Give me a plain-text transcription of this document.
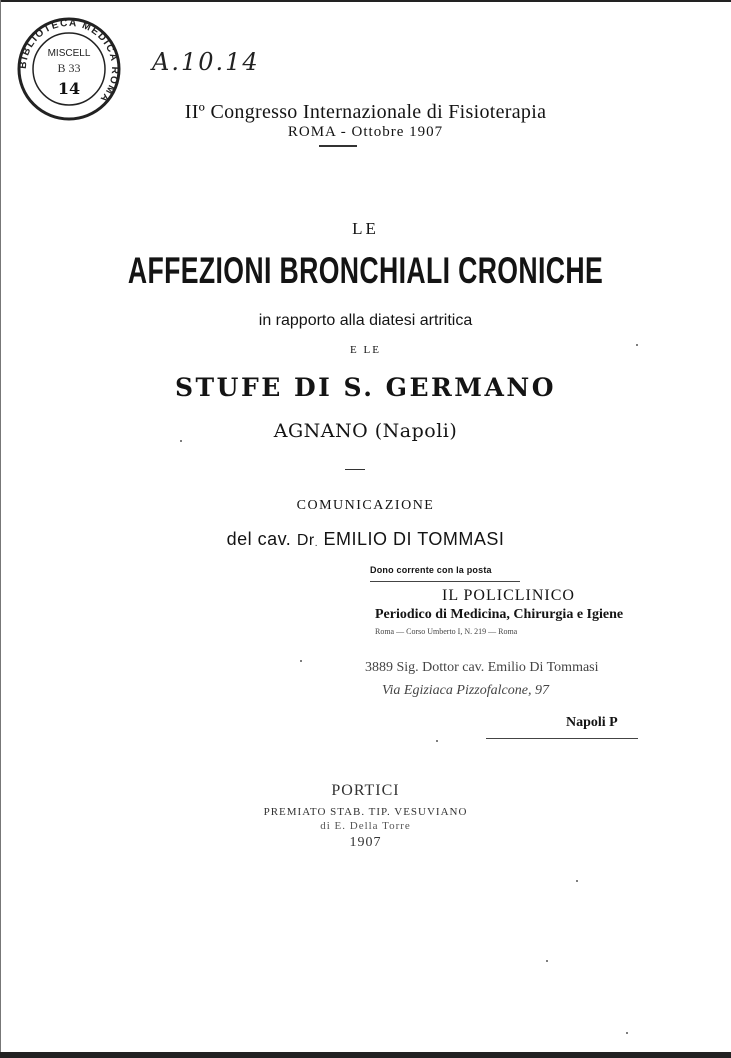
BIBLIOTECA MEDICA ROMA
MISCELL
B 33
14
A.10.14
IIº Congresso Internazionale di Fisioterapia
ROMA - Ottobre 1907
LE
AFFEZIONI BRONCHIALI CRONICHE
in rapporto alla diatesi artritica
E LE
STUFE DI S. GERMANO
AGNANO (Napoli)
COMUNICAZIONE
del cav. Dr. EMILIO DI TOMMASI
Dono corrente con la posta
IL POLICLINICO
Periodico di Medicina, Chirurgia e Igiene
Roma — Corso Umberto I, N. 219 — Roma
3889 Sig. Dottor cav. Emilio Di Tommasi
Via Egiziaca Pizzofalcone, 97
Napoli P
PORTICI
PREMIATO STAB. TIP. VESUVIANO
di E. Della Torre
1907
